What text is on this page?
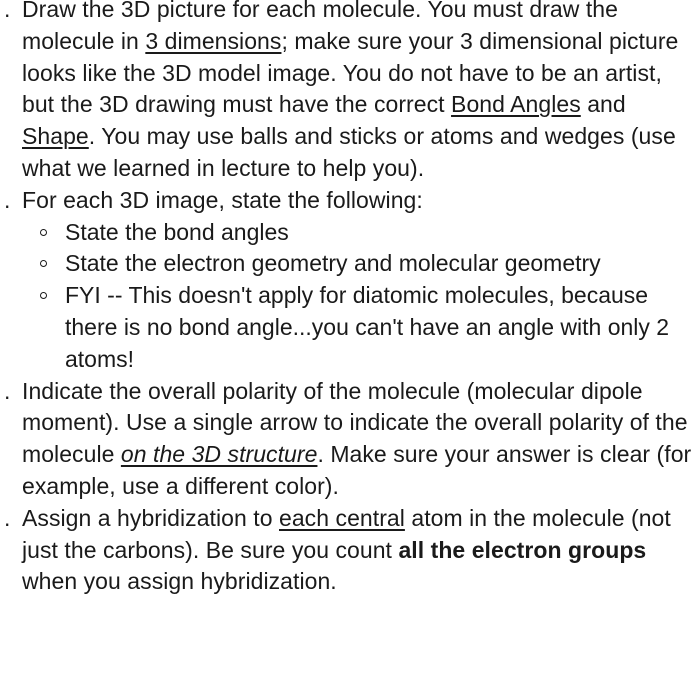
. Draw the 3D picture for each molecule. You must draw the molecule in 3 dimensions; make sure your 3 dimensional picture looks like the 3D model image. You do not have to be an artist, but the 3D drawing must have the correct Bond Angles and Shape. You may use balls and sticks or atoms and wedges (use what we learned in lecture to help you).
. For each 3D image, state the following:
State the bond angles
State the electron geometry and molecular geometry
FYI -- This doesn't apply for diatomic molecules, because there is no bond angle...you can't have an angle with only 2 atoms!
. Indicate the overall polarity of the molecule (molecular dipole moment). Use a single arrow to indicate the overall polarity of the molecule on the 3D structure. Make sure your answer is clear (for example, use a different color).
. Assign a hybridization to each central atom in the molecule (not just the carbons). Be sure you count all the electron groups when you assign hybridization.
